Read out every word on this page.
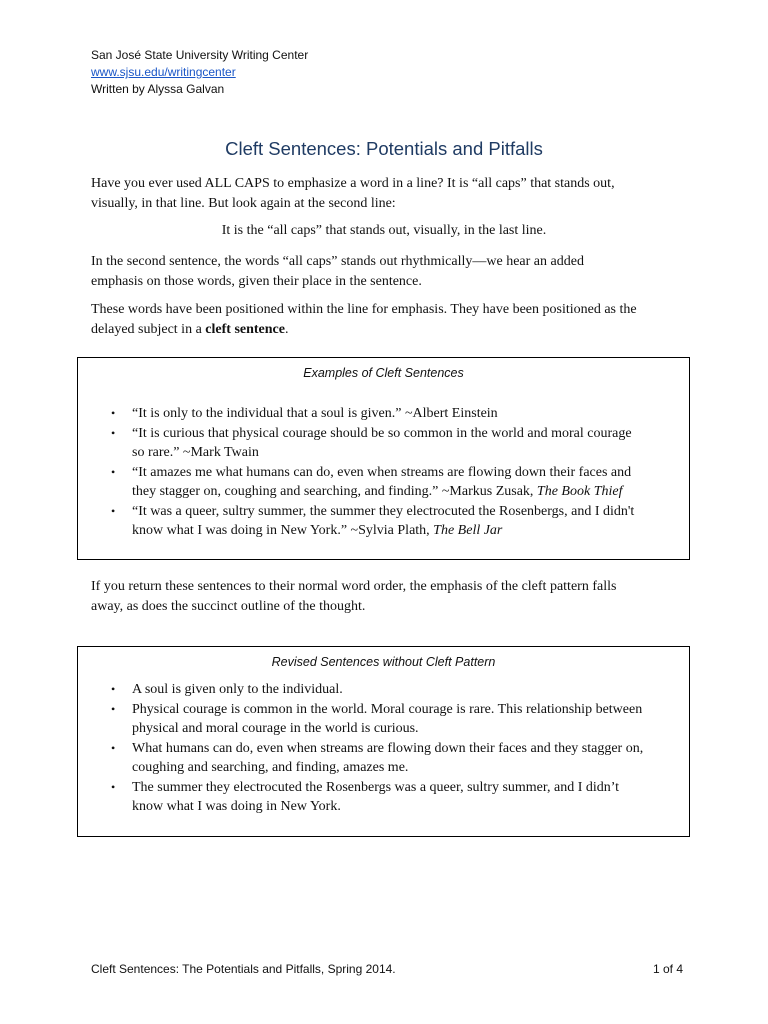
San José State University Writing Center
www.sjsu.edu/writingcenter
Written by Alyssa Galvan
Cleft Sentences: Potentials and Pitfalls
Have you ever used ALL CAPS to emphasize a word in a line? It is “all caps” that stands out,
visually, in that line. But look again at the second line:
It is the “all caps” that stands out, visually, in the last line.
In the second sentence, the words “all caps” stands out rhythmically—we hear an added
emphasis on those words, given their place in the sentence.
These words have been positioned within the line for emphasis. They have been positioned as the
delayed subject in a cleft sentence.
Examples of Cleft Sentences
• “It is only to the individual that a soul is given.” ~Albert Einstein
• “It is curious that physical courage should be so common in the world and moral courage
so rare.” ~Mark Twain
• “It amazes me what humans can do, even when streams are flowing down their faces and
they stagger on, coughing and searching, and finding.” ~Markus Zusak, The Book Thief
• “It was a queer, sultry summer, the summer they electrocuted the Rosenbergs, and I didn't
know what I was doing in New York.” ~Sylvia Plath, The Bell Jar
If you return these sentences to their normal word order, the emphasis of the cleft pattern falls
away, as does the succinct outline of the thought.
Revised Sentences without Cleft Pattern
• A soul is given only to the individual.
• Physical courage is common in the world. Moral courage is rare. This relationship between
physical and moral courage in the world is curious.
• What humans can do, even when streams are flowing down their faces and they stagger on,
coughing and searching, and finding, amazes me.
• The summer they electrocuted the Rosenbergs was a queer, sultry summer, and I didn’t
know what I was doing in New York.
Cleft Sentences: The Potentials and Pitfalls, Spring 2014.	1 of 4
